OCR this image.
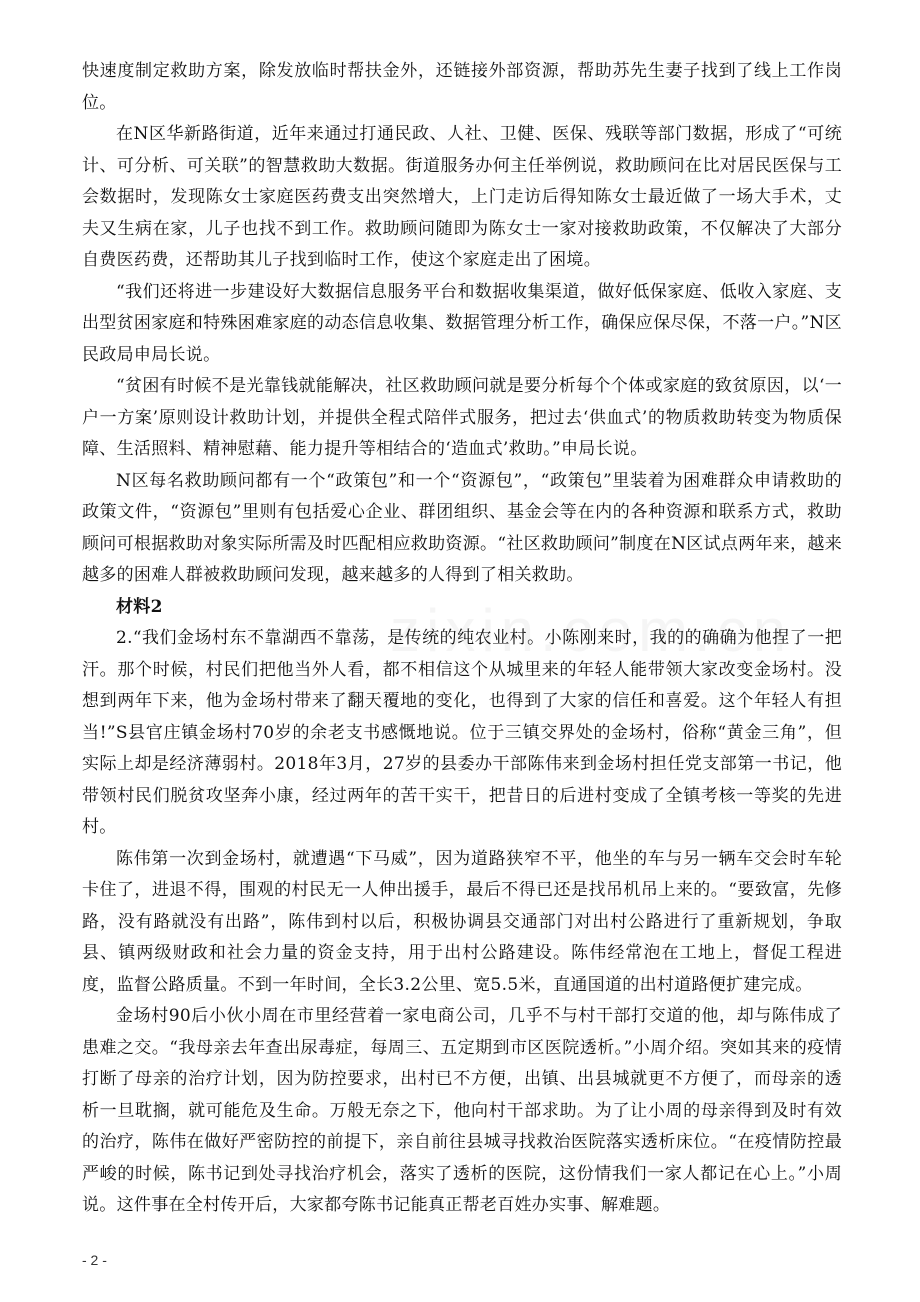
快速度制定救助方案，除发放临时帮扶金外，还链接外部资源，帮助苏先生妻子找到了线上工作岗位。

在N区华新路街道，近年来通过打通民政、人社、卫健、医保、残联等部门数据，形成了“可统计、可分析、可关联”的智慧救助大数据。街道服务办何主任举例说，救助顾问在比对居民医保与工会数据时，发现陈女士家庭医药费支出突然增大，上门走访后得知陈女士最近做了一场大手术，丈夫又生病在家，儿子也找不到工作。救助顾问随即为陈女士一家对接救助政策，不仅解决了大部分自费医药费，还帮助其儿子找到临时工作，使这个家庭走出了困境。

“我们还将进一步建设好大数据信息服务平台和数据收集渠道，做好低保家庭、低收入家庭、支出型贫困家庭和特殊困难家庭的动态信息收集、数据管理分析工作，确保应保尽保，不落一户。”N区民政局申局长说。

“贫困有时候不是光靠钱就能解决，社区救助顾问就是要分析每个个体或家庭的致贫原因，以‘一户一方案’原则设计救助计划，并提供全程式陪伴式服务，把过去‘供血式’的物质救助转变为物质保障、生活照料、精神慰藉、能力提升等相结合的‘造血式’救助。”申局长说。

N区每名救助顾问都有一个“政策包”和一个“资源包”，“政策包”里装着为困难群众申请救助的政策文件，“资源包”里则有包括爱心企业、群团组织、基金会等在内的各种资源和联系方式，救助顾问可根据救助对象实际所需及时匹配相应救助资源。“社区救助顾问”制度在N区试点两年来，越来越多的困难人群被救助顾问发现，越来越多的人得到了相关救助。

材料2

2.“我们金场村东不靠湖西不靠荡，是传统的纯农业村。小陈刚来时，我的的确确为他捏了一把汗。那个时候，村民们把他当外人看，都不相信这个从城里来的年轻人能带领大家改变金场村。没想到两年下来，他为金场村带来了翻天覆地的变化，也得到了大家的信任和喜爱。这个年轻人有担当!”S县官庄镇金场村70岁的余老支书感慨地说。位于三镇交界处的金场村，俗称“黄金三角”，但实际上却是经济薄弱村。2018年3月，27岁的县委办干部陈伟来到金场村担任党支部第一书记，他带领村民们脱贫攻坚奔小康，经过两年的苦干实干，把昔日的后进村变成了全镇考核一等奖的先进村。

陈伟第一次到金场村，就遭遇“下马威”，因为道路狭窄不平，他坐的车与另一辆车交会时车轮卡住了，进退不得，围观的村民无一人伸出援手，最后不得已还是找吊机吊上来的。“要致富，先修路，没有路就没有出路”，陈伟到村以后，积极协调县交通部门对出村公路进行了重新规划，争取县、镇两级财政和社会力量的资金支持，用于出村公路建设。陈伟经常泡在工地上，督促工程进度，监督公路质量。不到一年时间，全长3.2公里、宽5.5米，直通国道的出村道路便扩建完成。

金场村90后小伙小周在市里经营着一家电商公司，几乎不与村干部打交道的他，却与陈伟成了患难之交。“我母亲去年查出尿毒症，每周三、五定期到市区医院透析。”小周介绍。突如其来的疫情打断了母亲的治疗计划，因为防控要求，出村已不方便，出镇、出县城就更不方便了，而母亲的透析一旦耽搁，就可能危及生命。万般无奈之下，他向村干部求助。为了让小周的母亲得到及时有效的治疗，陈伟在做好严密防控的前提下，亲自前往县城寻找救治医院落实透析床位。“在疫情防控最严峻的时候，陈书记到处寻找治疗机会，落实了透析的医院，这份情我们一家人都记在心上。”小周说。这件事在全村传开后，大家都夸陈书记能真正帮老百姓办实事、解难题。

- 2 -
